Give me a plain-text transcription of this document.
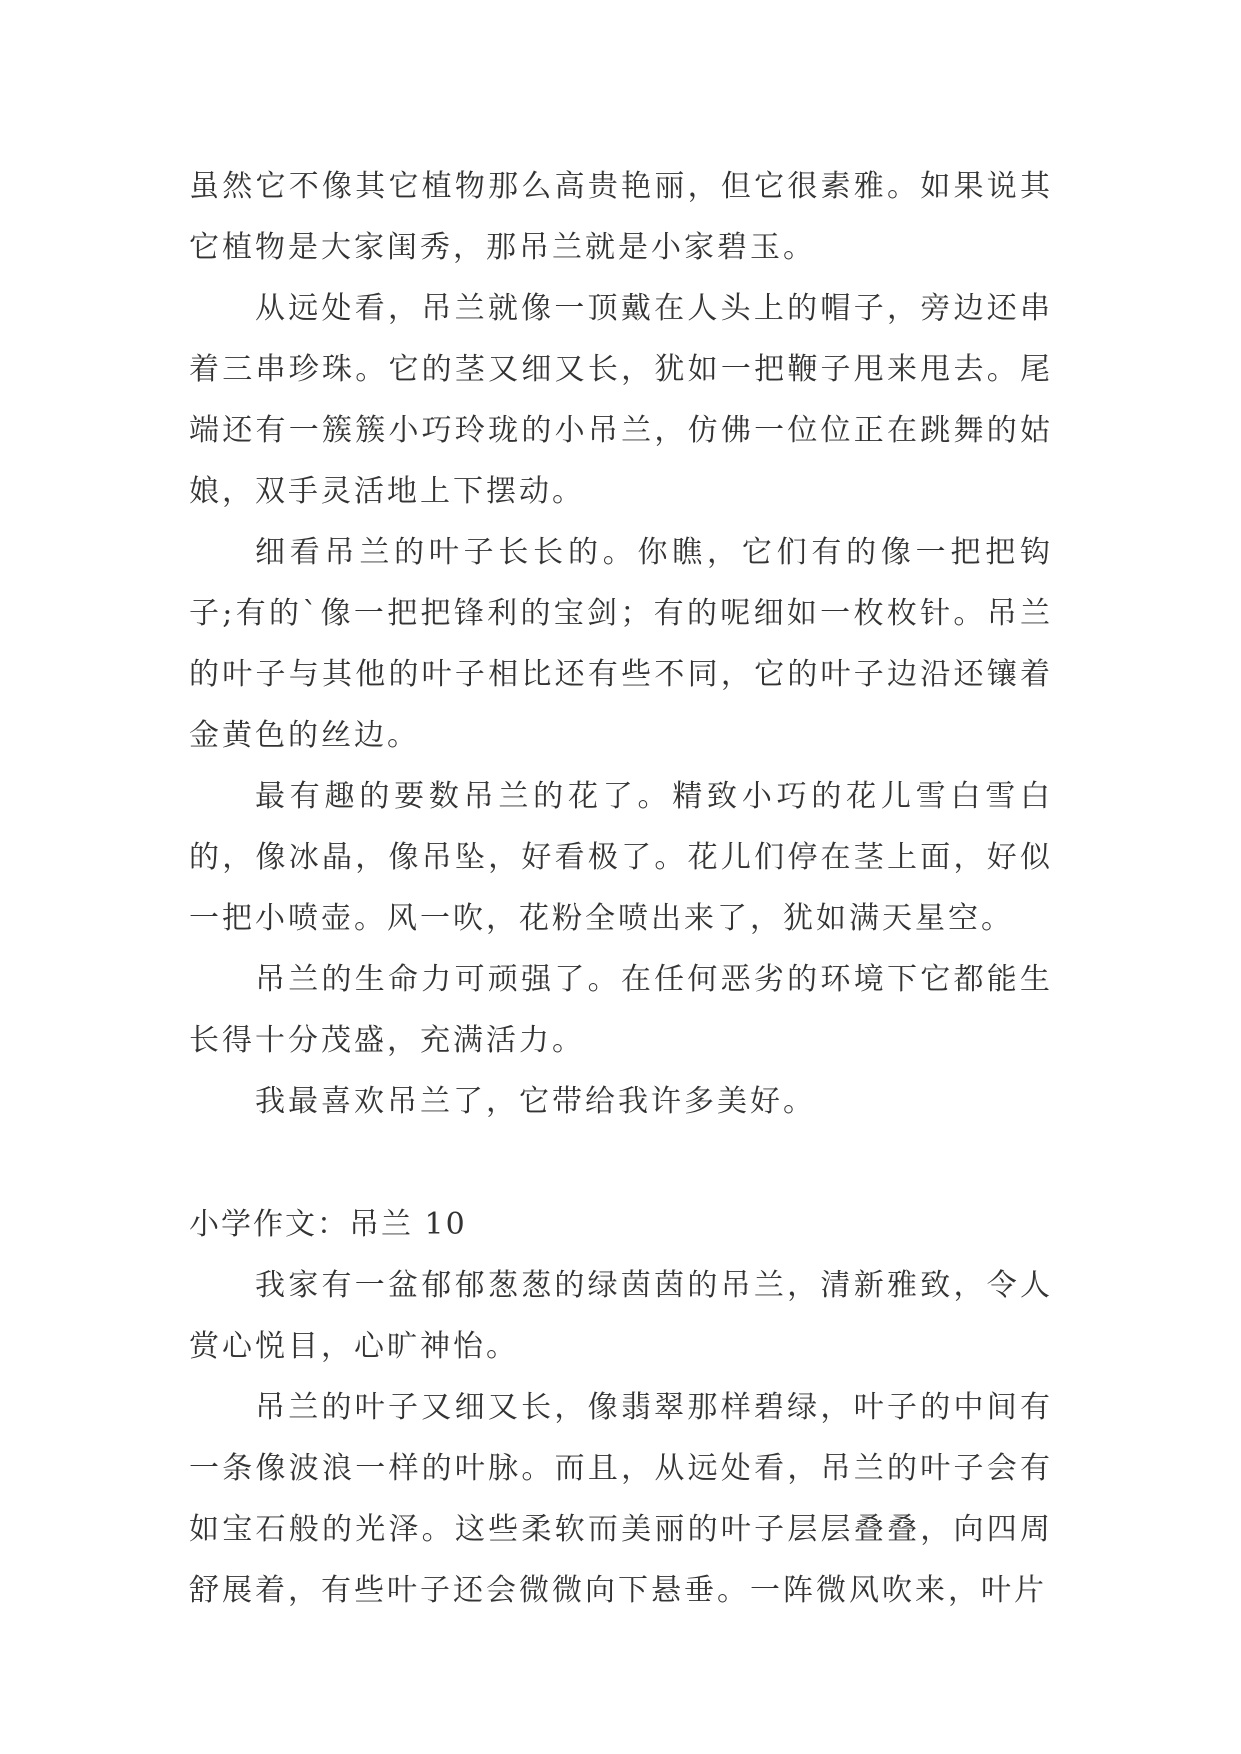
虽然它不像其它植物那么高贵艳丽，但它很素雅。如果说其它植物是大家闺秀，那吊兰就是小家碧玉。

从远处看，吊兰就像一顶戴在人头上的帽子，旁边还串着三串珍珠。它的茎又细又长，犹如一把鞭子甩来甩去。尾端还有一簇簇小巧玲珑的小吊兰，仿佛一位位正在跳舞的姑娘，双手灵活地上下摆动。

细看吊兰的叶子长长的。你瞧，它们有的像一把把钩子;有的`像一把把锋利的宝剑；有的呢细如一枚枚针。吊兰的叶子与其他的叶子相比还有些不同，它的叶子边沿还镶着金黄色的丝边。

最有趣的要数吊兰的花了。精致小巧的花儿雪白雪白的，像冰晶，像吊坠，好看极了。花儿们停在茎上面，好似一把小喷壶。风一吹，花粉全喷出来了，犹如满天星空。

吊兰的生命力可顽强了。在任何恶劣的环境下它都能生长得十分茂盛，充满活力。

我最喜欢吊兰了，它带给我许多美好。

小学作文：吊兰 10

我家有一盆郁郁葱葱的绿茵茵的吊兰，清新雅致，令人赏心悦目，心旷神怡。

吊兰的叶子又细又长，像翡翠那样碧绿，叶子的中间有一条像波浪一样的叶脉。而且，从远处看，吊兰的叶子会有如宝石般的光泽。这些柔软而美丽的叶子层层叠叠，向四周舒展着，有些叶子还会微微向下悬垂。一阵微风吹来，叶片
